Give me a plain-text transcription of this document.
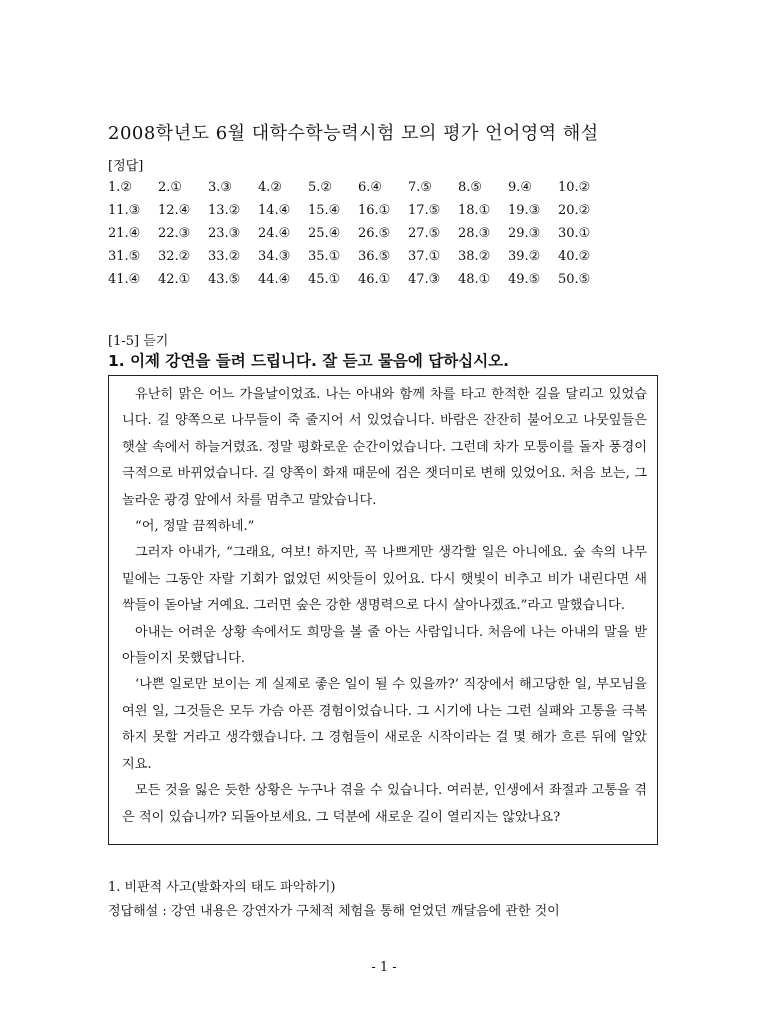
2008학년도 6월 대학수학능력시험 모의 평가 언어영역 해설
[정답]
1.②	2.①	3.③	4.②	5.②	6.④	7.⑤	8.⑤	9.④	10.②
11.③	12.④	13.②	14.④	15.④	16.①	17.⑤	18.①	19.③	20.②
21.④	22.③	23.③	24.④	25.④	26.⑤	27.⑤	28.③	29.③	30.①
31.⑤	32.②	33.②	34.③	35.①	36.⑤	37.①	38.②	39.②	40.②
41.④	42.①	43.⑤	44.④	45.①	46.①	47.③	48.①	49.⑤	50.⑤
[1-5] 듣기
1. 이제 강연을 들려 드립니다. 잘 듣고 물음에 답하십시오.

유난히 맑은 어느 가을날이었죠. 나는 아내와 함께 차를 타고 한적한 길을 달리고 있었습니다. 길 양쪽으로 나무들이 죽 줄지어 서 있었습니다. 바람은 잔잔히 불어오고 나뭇잎들은 햇살 속에서 하늘거렸죠. 정말 평화로운 순간이었습니다. 그런데 차가 모퉁이를 돌자 풍경이 극적으로 바뀌었습니다. 길 양쪽이 화재 때문에 검은 잿더미로 변해 있었어요. 처음 보는, 그 놀라운 광경 앞에서 차를 멈추고 말았습니다.

“어, 정말 끔찍하네.”

그러자 아내가, “그래요, 여보! 하지만, 꼭 나쁘게만 생각할 일은 아니에요. 숲 속의 나무 밑에는 그동안 자랄 기회가 없었던 씨앗들이 있어요. 다시 햇빛이 비추고 비가 내린다면 새싹들이 돋아날 거예요. 그러면 숲은 강한 생명력으로 다시 살아나겠죠.”라고 말했습니다.

아내는 어려운 상황 속에서도 희망을 볼 줄 아는 사람입니다. 처음에 나는 아내의 말을 받아들이지 못했답니다.

‘나쁜 일로만 보이는 게 실제로 좋은 일이 될 수 있을까?’ 직장에서 해고당한 일, 부모님을 여읜 일, 그것들은 모두 가슴 아픈 경험이었습니다. 그 시기에 나는 그런 실패와 고통을 극복하지 못할 거라고 생각했습니다. 그 경험들이 새로운 시작이라는 걸 몇 해가 흐른 뒤에 알았지요.

모든 것을 잃은 듯한 상황은 누구나 겪을 수 있습니다. 여러분, 인생에서 좌절과 고통을 겪은 적이 있습니까? 되돌아보세요. 그 덕분에 새로운 길이 열리지는 않았나요?

1. 비판적 사고(발화자의 태도 파악하기)
정답해설 : 강연 내용은 강연자가 구체적 체험을 통해 얻었던 깨달음에 관한 것이
- 1 -
